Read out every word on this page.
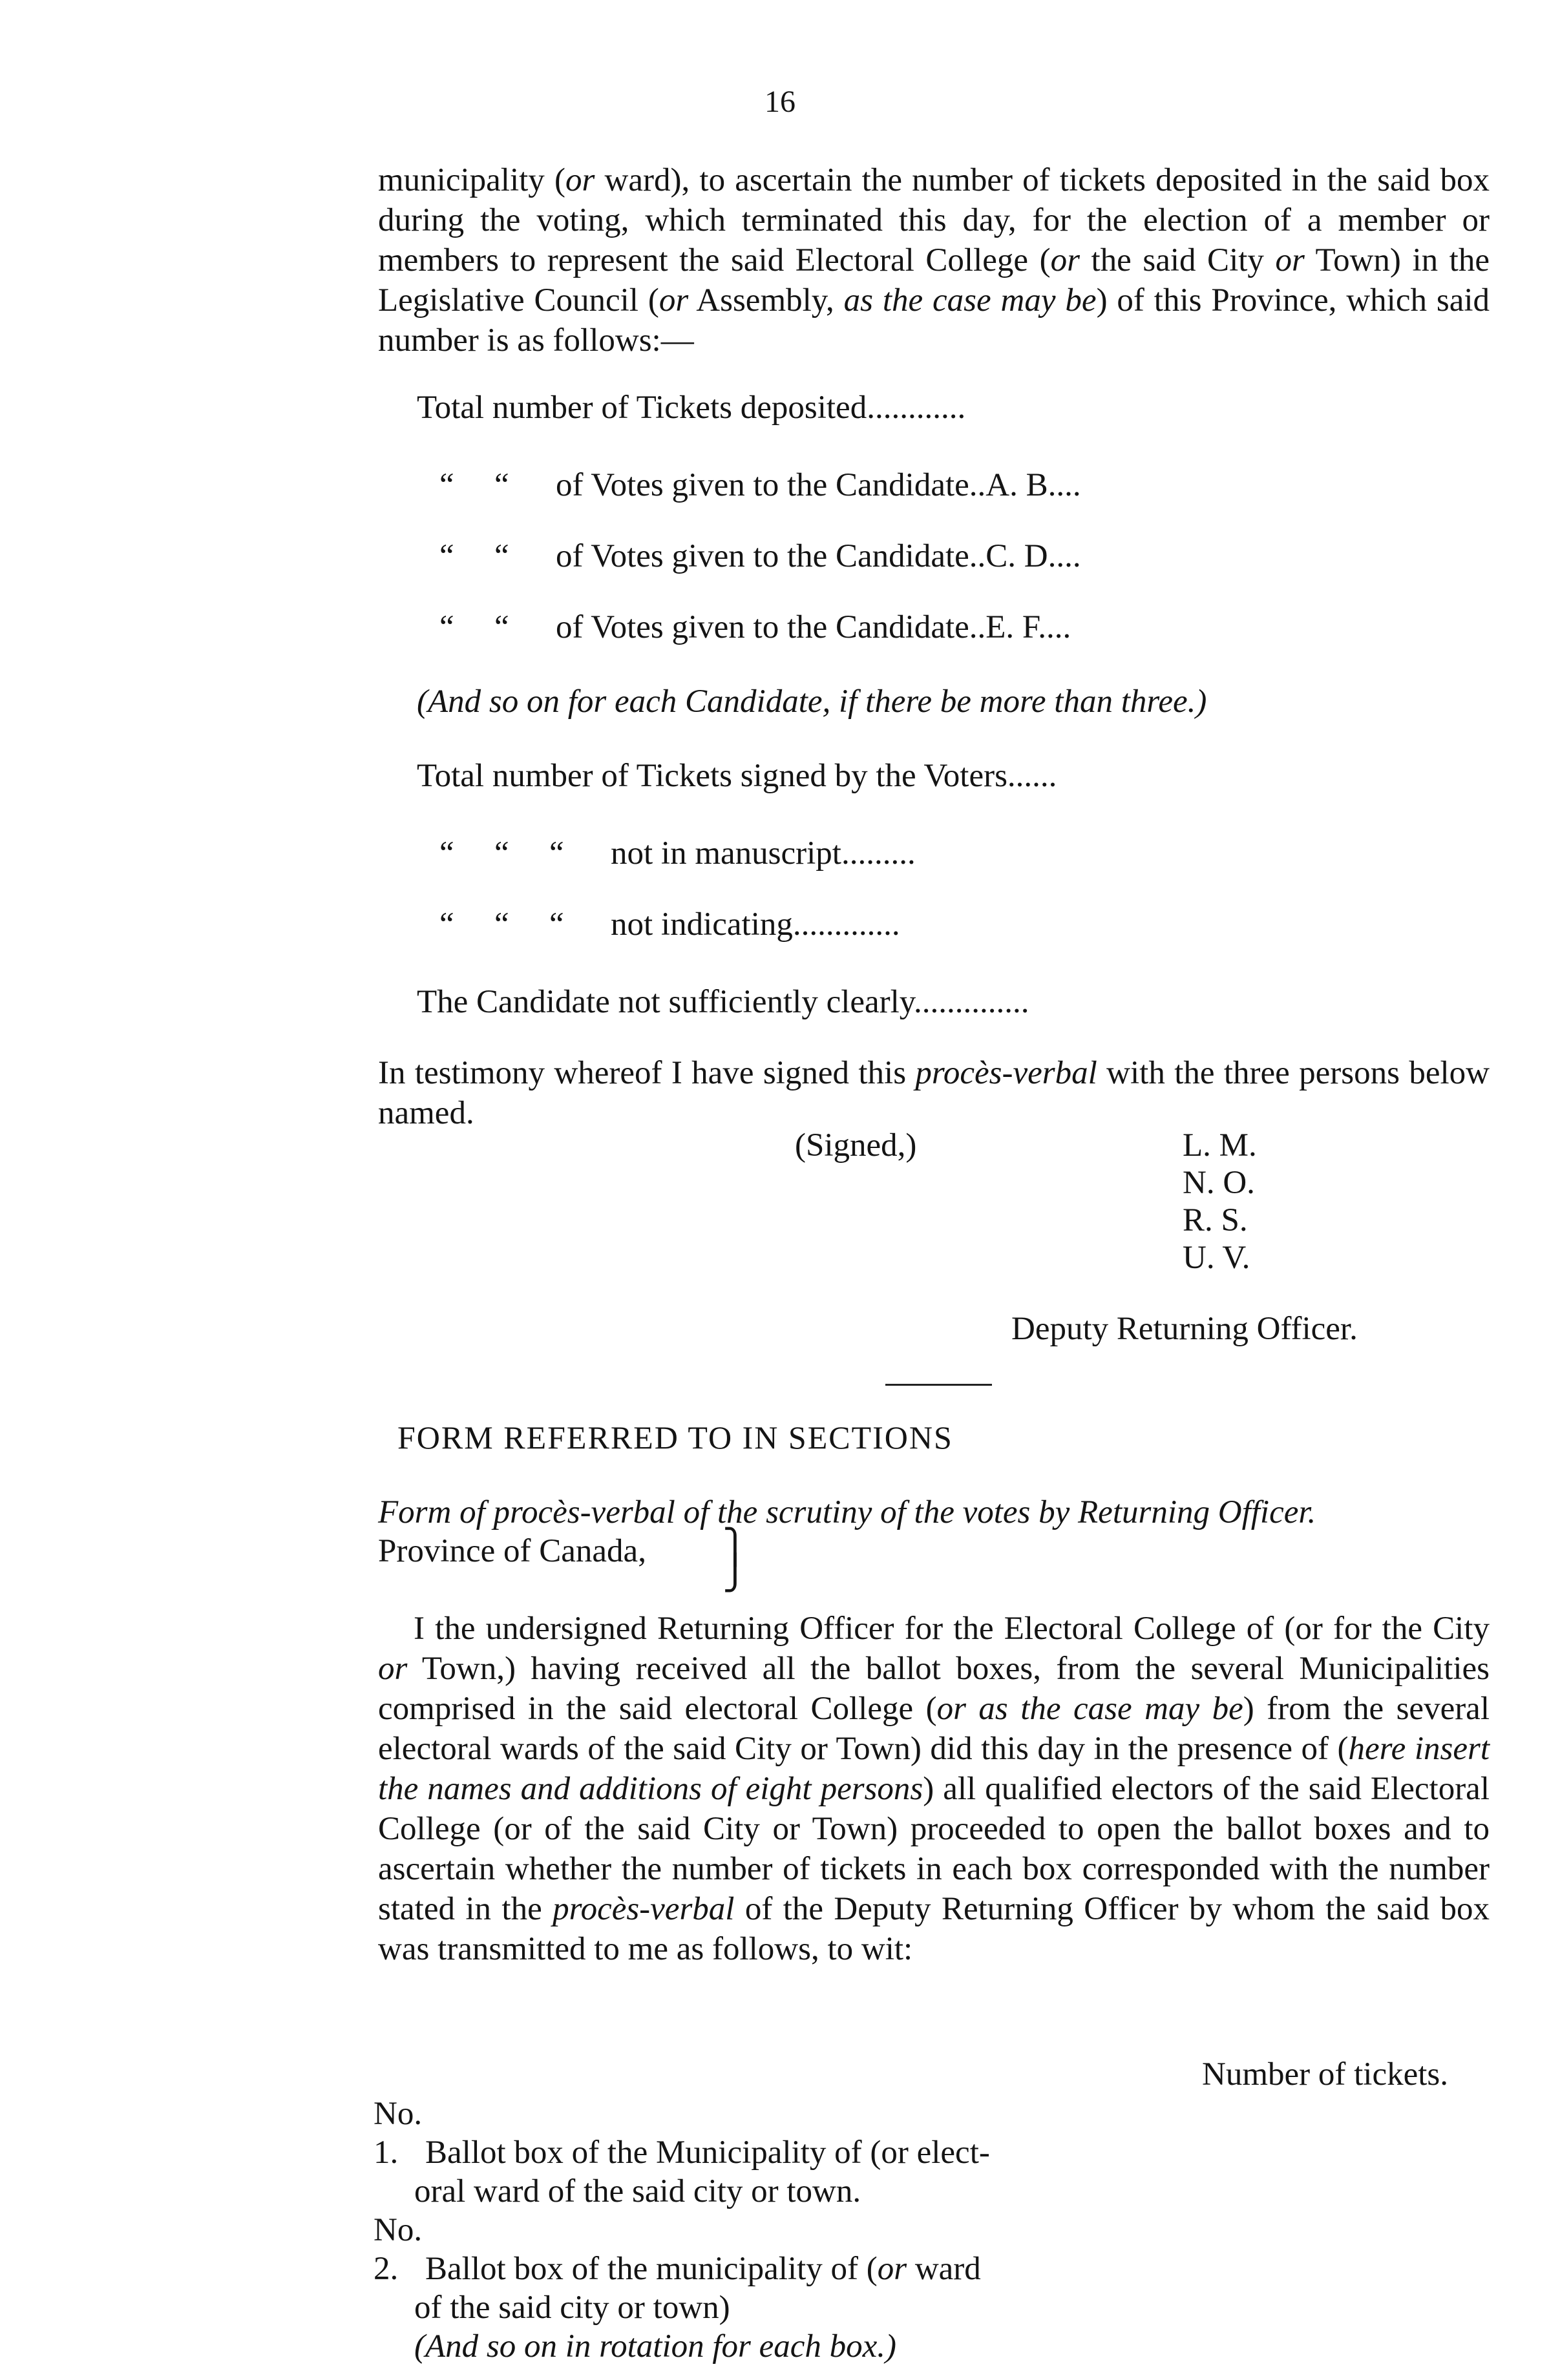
16

municipality (or ward), to ascertain the number of tickets deposited in the said box during the voting, which terminated this day, for the election of a member or members to represent the said Electoral College (or the said City or Town) in the Legislative Council (or Assembly, as the case may be) of this Province, which said number is as follows:—

Total number of Tickets deposited............
“ “ of Votes given to the Candidate..A. B....
“ “ of Votes given to the Candidate..C. D....
“ “ of Votes given to the Candidate..E. F....
(And so on for each Candidate, if there be more than three.)
Total number of Tickets signed by the Voters......
“ “ “ not in manuscript.........
“ “ “ not indicating.............
The Candidate not sufficiently clearly..............

In testimony whereof I have signed this procès-verbal with the three persons below named.

(Signed,)	L. M.
N. O.
R. S.
U. V.
Deputy Returning Officer.
FORM REFERRED TO IN SECTIONS
Form of procès-verbal of the scrutiny of the votes by Returning Officer.
Province of Canada, ⎫
⎭

I the undersigned Returning Officer for the Electoral College of (or for the City or Town,) having received all the ballot boxes, from the several Municipalities comprised in the said electoral College (or as the case may be) from the several electoral wards of the said City or Town) did this day in the presence of (here insert the names and additions of eight persons) all qualified electors of the said Electoral College (or of the said City or Town) proceeded to open the ballot boxes and to ascertain whether the number of tickets in each box corresponded with the number stated in the procès-verbal of the Deputy Returning Officer by whom the said box was transmitted to me as follows, to wit:

Number of tickets.
No. 1. Ballot box of the Municipality of (or elect-
oral ward of the said city or town.
No. 2. Ballot box of the municipality of (or ward
of the said city or town)
(And so on in rotation for each box.)
